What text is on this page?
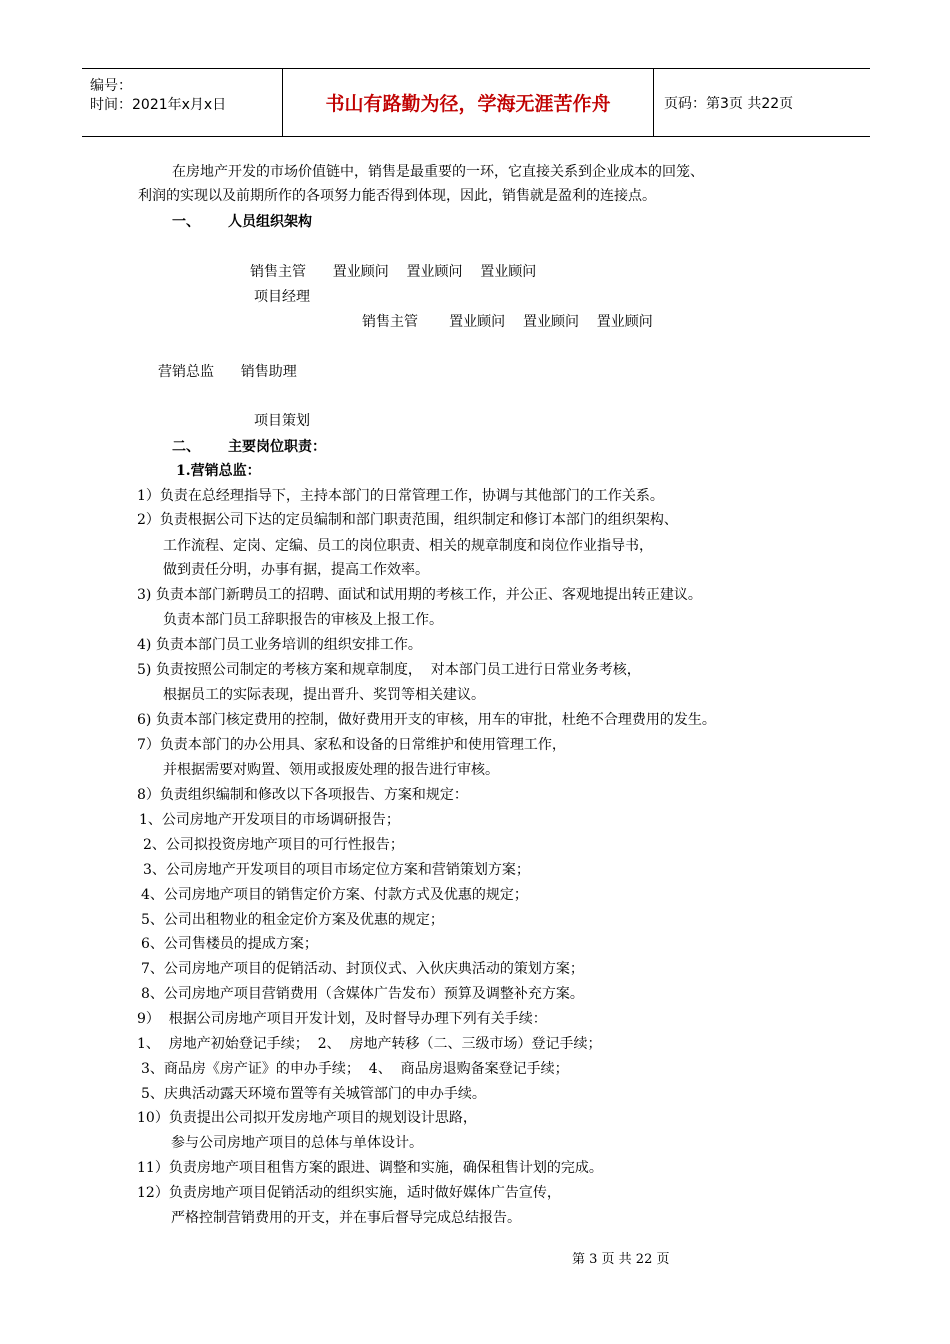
编号：
时间：2021年x月x日	书山有路勤为径，学海无涯苦作舟	页码：第3页 共22页
在房地产开发的市场价值链中，销售是最重要的一环，它直接关系到企业成本的回笼、
利润的实现以及前期所作的各项努力能否得到体现，因此，销售就是盈利的连接点。
一、 人员组织架构
销售主管      置业顾问    置业顾问    置业顾问
项目经理
销售主管       置业顾问    置业顾问    置业顾问
营销总监      销售助理
项目策划
二、 主要岗位职责：
1.营销总监：
1）负责在总经理指导下，主持本部门的日常管理工作，协调与其他部门的工作关系。
2）负责根据公司下达的定员编制和部门职责范围，组织制定和修订本部门的组织架构、
工作流程、定岗、定编、员工的岗位职责、相关的规章制度和岗位作业指导书，
做到责任分明，办事有据，提高工作效率。
3) 负责本部门新聘员工的招聘、面试和试用期的考核工作，并公正、客观地提出转正建议。
负责本部门员工辞职报告的审核及上报工作。
4) 负责本部门员工业务培训的组织安排工作。
5) 负责按照公司制定的考核方案和规章制度，  对本部门员工进行日常业务考核，
根据员工的实际表现，提出晋升、奖罚等相关建议。
6) 负责本部门核定费用的控制，做好费用开支的审核，用车的审批，杜绝不合理费用的发生。
7）负责本部门的办公用具、家私和设备的日常维护和使用管理工作，
并根据需要对购置、领用或报废处理的报告进行审核。
8）负责组织编制和修改以下各项报告、方案和规定：
1、公司房地产开发项目的市场调研报告；
2、公司拟投资房地产项目的可行性报告；
3、公司房地产开发项目的项目市场定位方案和营销策划方案；
4、公司房地产项目的销售定价方案、付款方式及优惠的规定；
5、公司出租物业的租金定价方案及优惠的规定；
6、公司售楼员的提成方案；
7、公司房地产项目的促销活动、封顶仪式、入伙庆典活动的策划方案；
8、公司房地产项目营销费用（含媒体广告发布）预算及调整补充方案。
9）  根据公司房地产项目开发计划，及时督导办理下列有关手续：
1、  房地产初始登记手续；  2、  房地产转移（二、三级市场）登记手续；
3、商品房《房产证》的申办手续；  4、  商品房退购备案登记手续；
5、庆典活动露天环境布置等有关城管部门的申办手续。
10）负责提出公司拟开发房地产项目的规划设计思路，
参与公司房地产项目的总体与单体设计。
11）负责房地产项目租售方案的跟进、调整和实施，确保租售计划的完成。
12）负责房地产项目促销活动的组织实施，适时做好媒体广告宣传，
严格控制营销费用的开支，并在事后督导完成总结报告。
第 3 页 共 22 页
